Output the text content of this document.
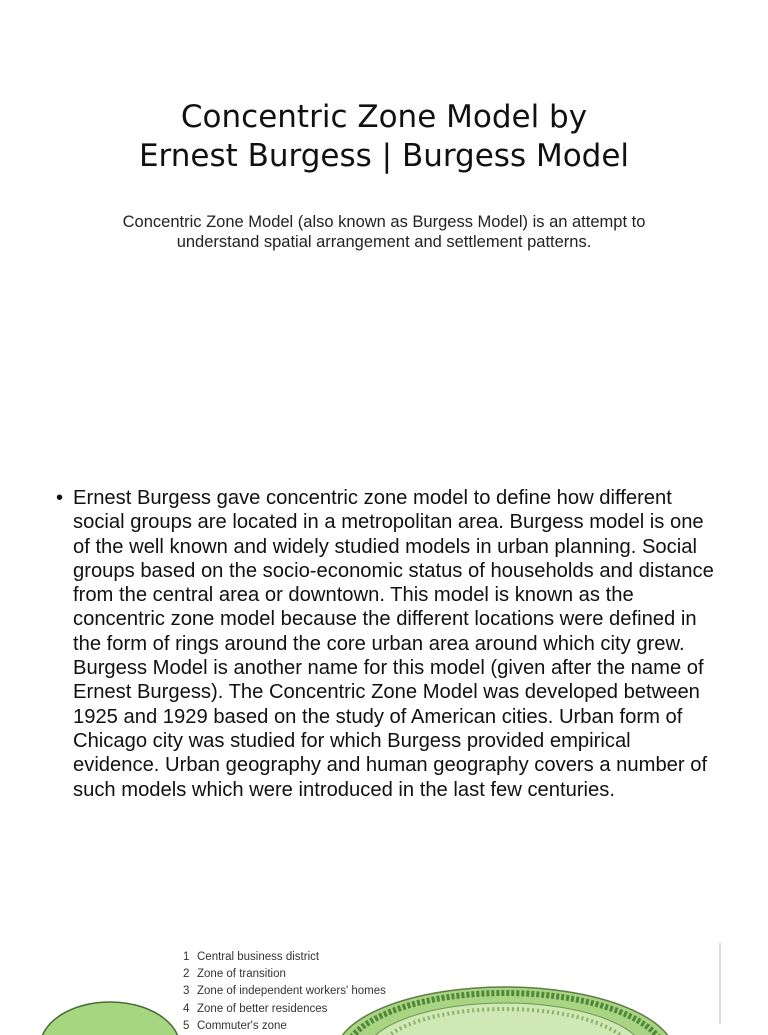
Concentric Zone Model by
Ernest Burgess | Burgess Model

Concentric Zone Model (also known as Burgess Model) is an attempt to understand spatial arrangement and settlement patterns.

• Ernest Burgess gave concentric zone model to define how different social groups are located in a metropolitan area. Burgess model is one of the well known and widely studied models in urban planning. Social groups based on the socio-economic status of households and distance from the central area or downtown. This model is known as the concentric zone model because the different locations were defined in the form of rings around the core urban area around which city grew. Burgess Model is another name for this model (given after the name of Ernest Burgess). The Concentric Zone Model was developed between 1925 and 1929 based on the study of American cities. Urban form of Chicago city was studied for which Burgess provided empirical evidence. Urban geography and human geography covers a number of such models which were introduced in the last few centuries.
1 Central business district
2 Zone of transition
3 Zone of independent workers' homes
4 Zone of better residences
5 Commuter's zone
